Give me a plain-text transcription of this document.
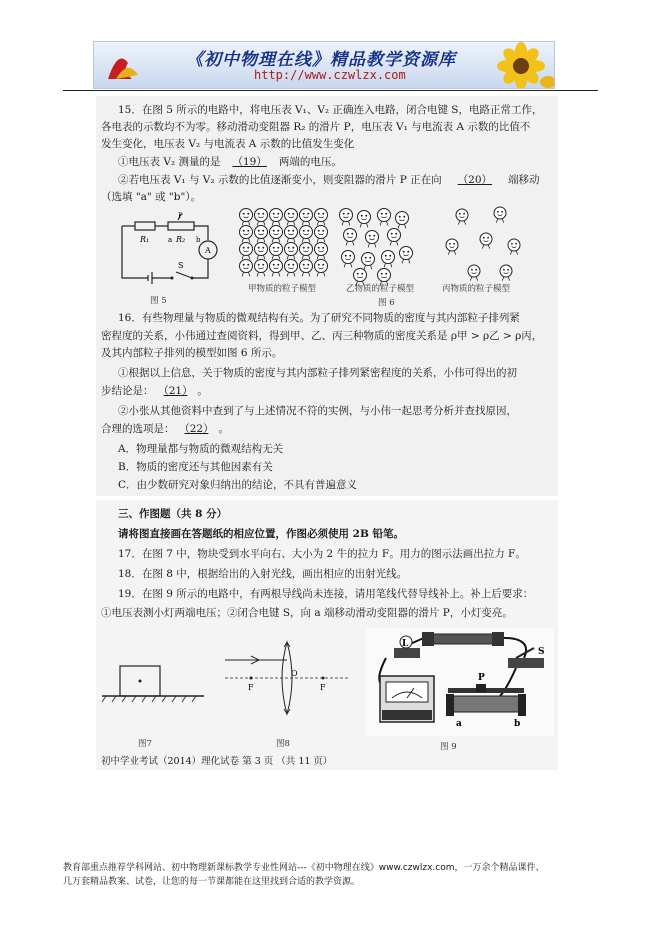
《初中物理在线》精品教学资源库
http://www.czwlzx.com
15．在图 5 所示的电路中，将电压表 V₁、V₂ 正确连入电路，闭合电键 S，电路正常工作，
各电表的示数均不为零。移动滑动变阻器 R₂ 的滑片 P，电压表 V₁ 与电流表 A 示数的比值不
发生变化，电压表 V₂ 与电流表 A 示数的比值发生变化
①电压表 V₂ 测量的是 （19） 两端的电压。
②若电压表 V₁ 与 V₂ 示数的比值逐渐变小，则变阻器的滑片 P 正在向 （20） 端移动
（选填 "a" 或 "b"）。
R₁	R₂
a
P
b
A
S
图 5
甲物质的粒子模型	乙物质的粒子模型	丙物质的粒子模型
图 6
16．有些物理量与物质的微观结构有关。为了研究不同物质的密度与其内部粒子排列紧
密程度的关系，小伟通过查阅资料，得到甲、乙、丙三种物质的密度关系是 ρ甲 > ρ乙 > ρ丙，
及其内部粒子排列的模型如图 6 所示。
①根据以上信息，关于物质的密度与其内部粒子排列紧密程度的关系，小伟可得出的初
步结论是： （21） 。
②小张从其他资料中查到了与上述情况不符的实例，与小伟一起思考分析并查找原因，
合理的选项是： （22） 。
A．物理量都与物质的微观结构无关
B．物质的密度还与其他因素有关
C．由少数研究对象归纳出的结论，不具有普遍意义
三、作图题（共 8 分）
请将图直接画在答题纸的相应位置，作图必须使用 2B 铅笔。
17．在图 7 中，物块受到水平向右、大小为 2 牛的拉力 F。用力的图示法画出拉力 F。
18．在图 8 中，根据给出的入射光线，画出相应的出射光线。
19．在图 9 所示的电路中，有两根导线尚未连接，请用笔线代替导线补上。补上后要求：
①电压表测小灯两端电压；②闭合电键 S，向 a 端移动滑动变阻器的滑片 P，小灯变亮。
图7
F
O
F
图8
L
S
P
a	b
图 9
初中学业考试（2014）理化试卷 第 3 页 （共 11 页）
教育部重点推荐学科网站、初中物理新课标教学专业性网站---《初中物理在线》www.czwlzx.com，一万余个精品课件、
几万套精品教案、试卷，让您的每一节课都能在这里找到合适的教学资源。
